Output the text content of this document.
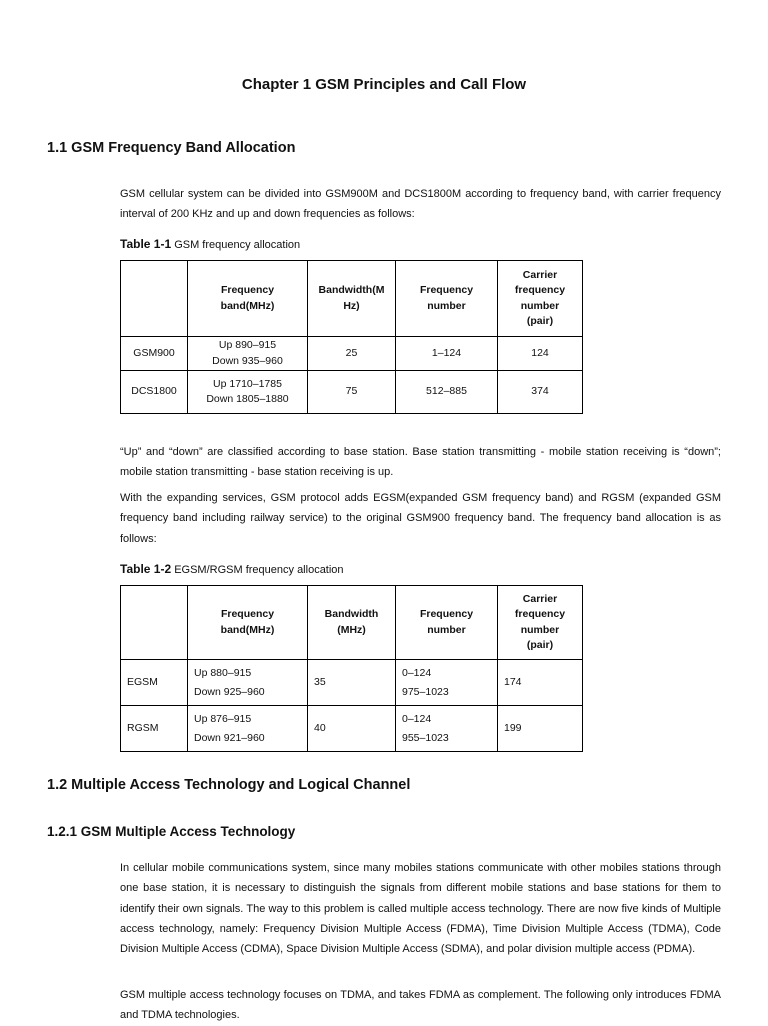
Chapter 1 GSM Principles and Call Flow
1.1 GSM Frequency Band Allocation

GSM cellular system can be divided into GSM900M and DCS1800M according to frequency band, with carrier frequency interval of 200 KHz and up and down frequencies as follows:

Table 1-1 GSM frequency allocation

	Frequency
band(MHz)	Bandwidth(M
Hz)	Frequency
number	Carrier
frequency
number
(pair)

GSM900	Up 890–915
Down 935–960	25	1–124	124
DCS1800	Up 1710–1785
Down 1805–1880	75	512–885	374

“Up” and “down” are classified according to base station. Base station transmitting - mobile station receiving is “down”; mobile station transmitting - base station receiving is up.

With the expanding services, GSM protocol adds EGSM(expanded GSM frequency band) and RGSM (expanded GSM frequency band including railway service) to the original GSM900 frequency band. The frequency band allocation is as follows:

Table 1-2 EGSM/RGSM frequency allocation

	Frequency
band(MHz)	Bandwidth
(MHz)	Frequency
number	Carrier
frequency
number
(pair)

EGSM	Up 880–915
Down 925–960	35	0–124
975–1023	174
RGSM	Up 876–915
Down 921–960	40	0–124
955–1023	199
1.2 Multiple Access Technology and Logical Channel
1.2.1 GSM Multiple Access Technology

In cellular mobile communications system, since many mobiles stations communicate with other mobiles stations through one base station, it is necessary to distinguish the signals from different mobile stations and base stations for them to identify their own signals. The way to this problem is called multiple access technology. There are now five kinds of Multiple access technology, namely: Frequency Division Multiple Access (FDMA), Time Division Multiple Access (TDMA), Code Division Multiple Access (CDMA), Space Division Multiple Access (SDMA), and polar division multiple access (PDMA).

GSM multiple access technology focuses on TDMA, and takes FDMA as complement. The following only introduces FDMA and TDMA technologies.
